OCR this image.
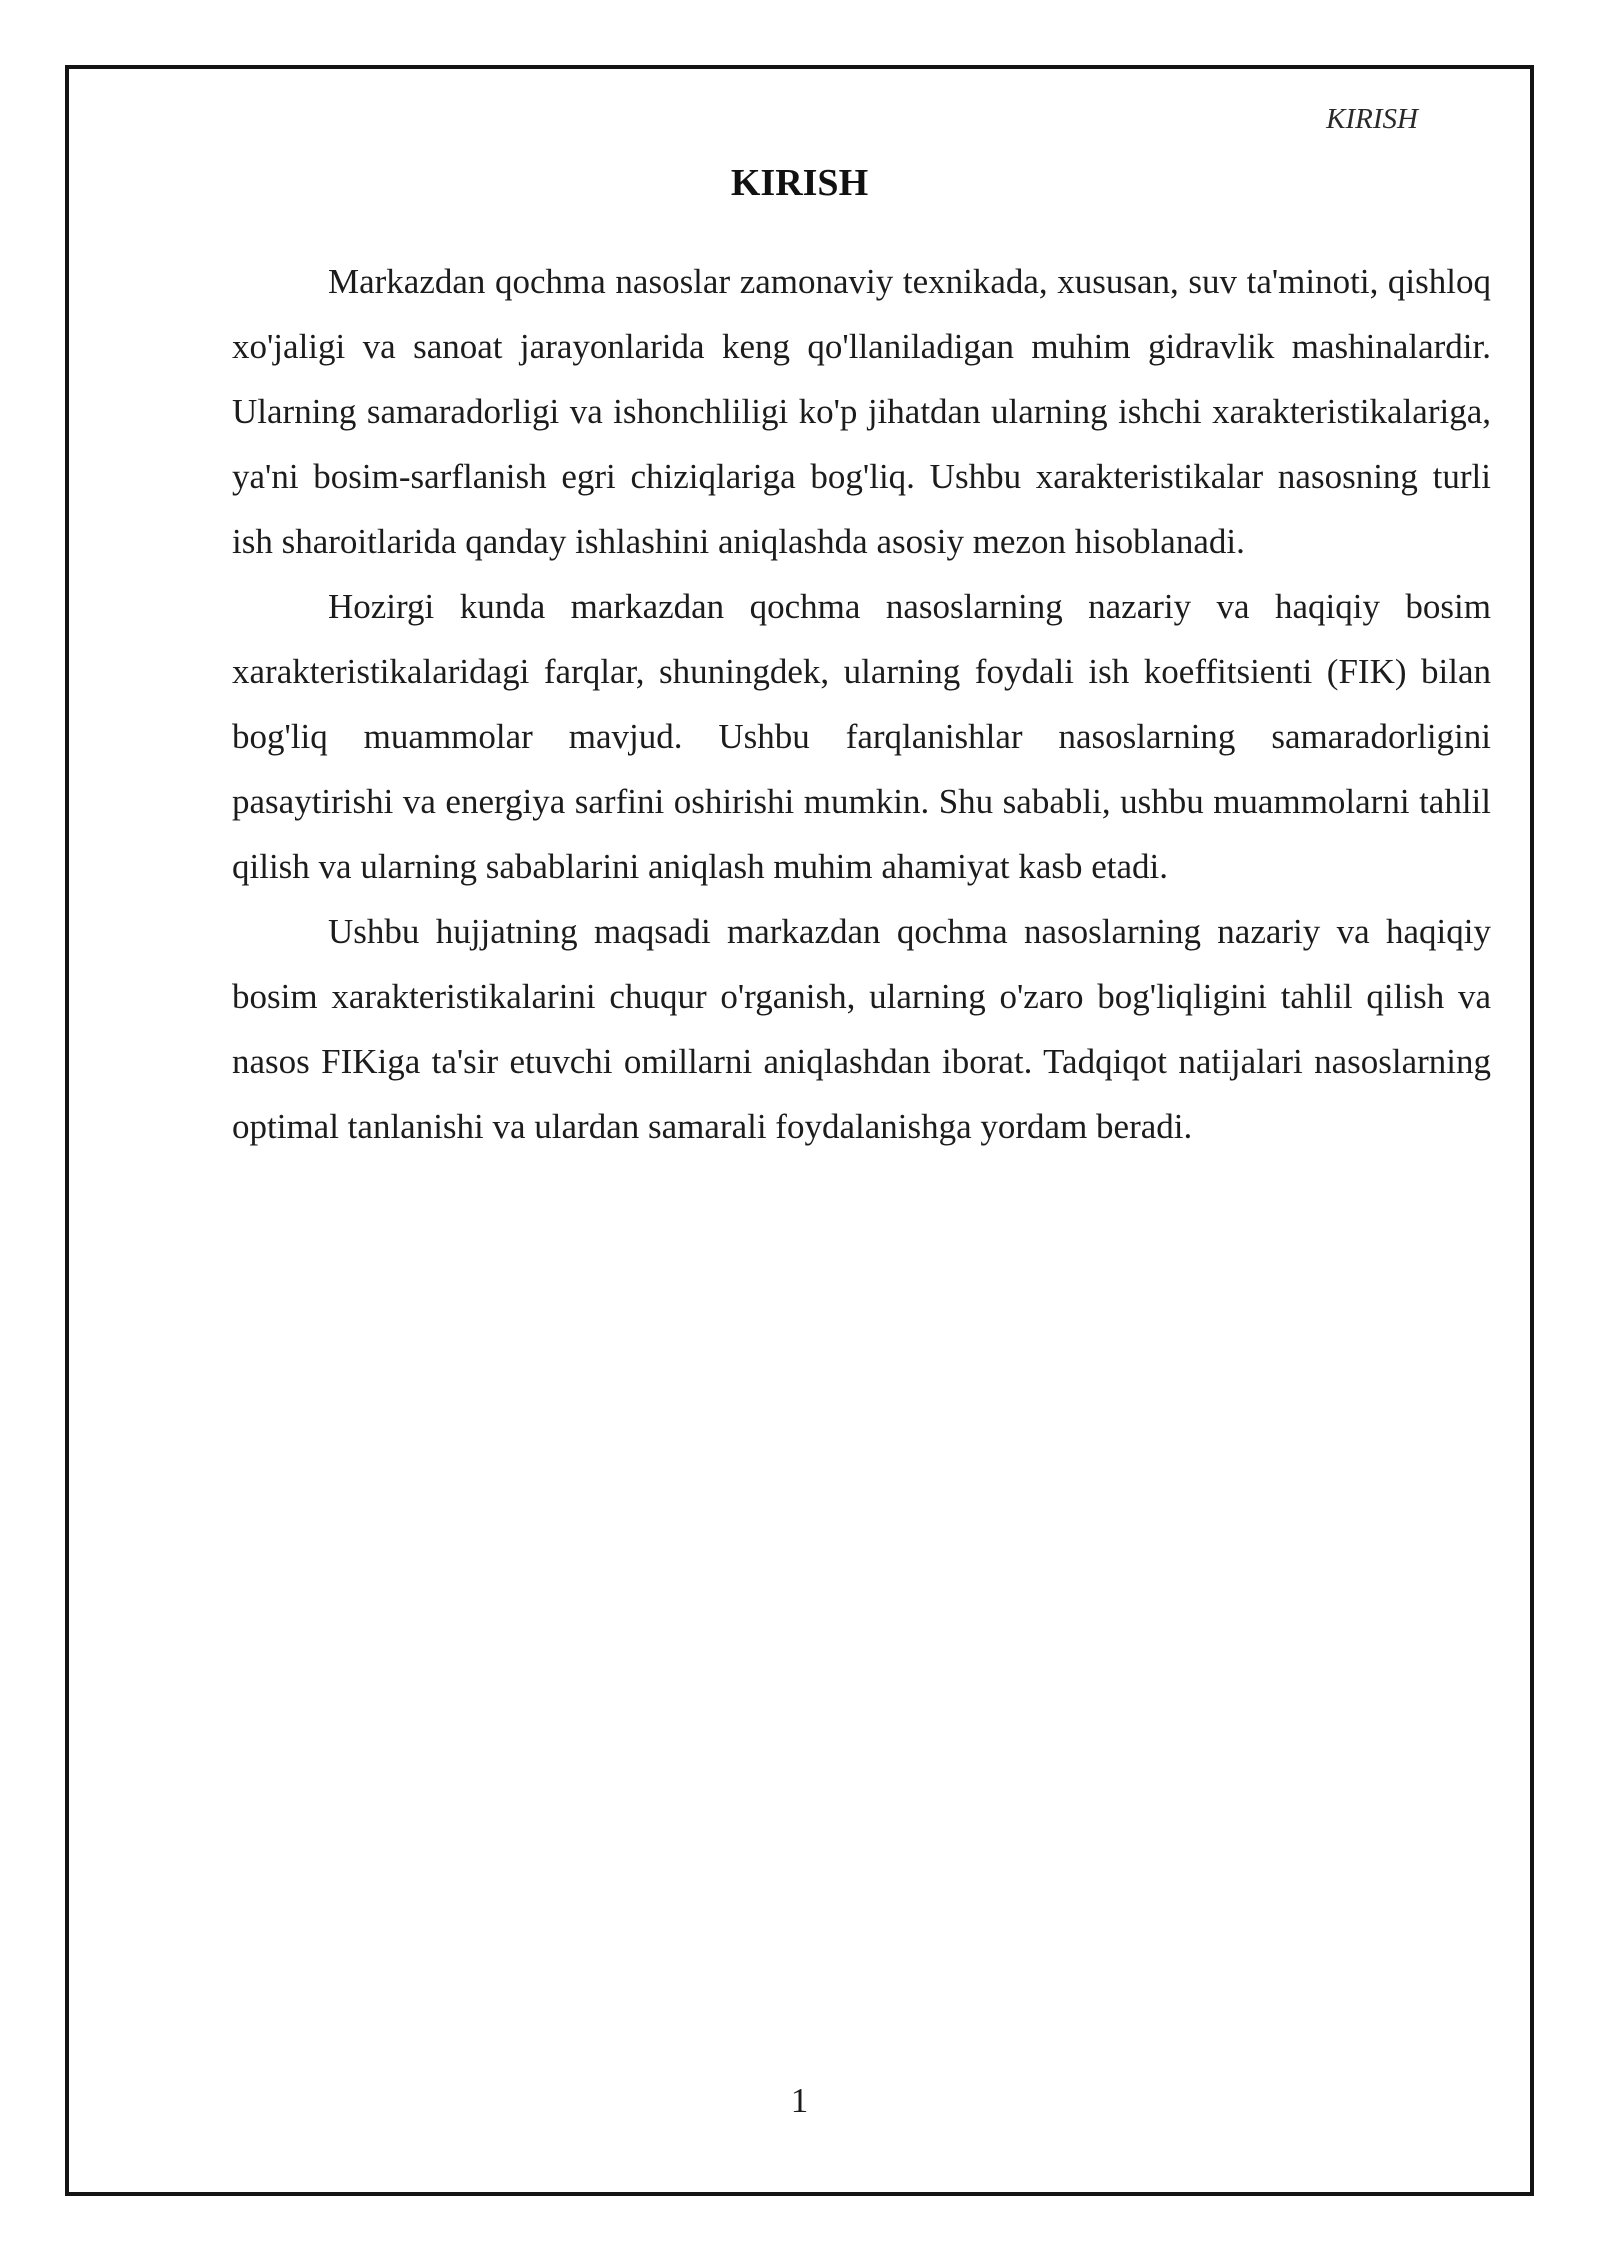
KIRISH
KIRISH

Markazdan qochma nasoslar zamonaviy texnikada, xususan, suv ta'minoti, qishloq xo'jaligi va sanoat jarayonlarida keng qo'llaniladigan muhim gidravlik mashinalardir. Ularning samaradorligi va ishonchliligi ko'p jihatdan ularning ishchi xarakteristikalariga, ya'ni bosim-sarflanish egri chiziqlariga bog'liq. Ushbu xarakteristikalar nasosning turli ish sharoitlarida qanday ishlashini aniqlashda asosiy mezon hisoblanadi.

Hozirgi kunda markazdan qochma nasoslarning nazariy va haqiqiy bosim xarakteristikalaridagi farqlar, shuningdek, ularning foydali ish koeffitsienti (FIK) bilan bog'liq muammolar mavjud. Ushbu farqlanishlar nasoslarning samaradorligini pasaytirishi va energiya sarfini oshirishi mumkin. Shu sababli, ushbu muammolarni tahlil qilish va ularning sabablarini aniqlash muhim ahamiyat kasb etadi.

Ushbu hujjatning maqsadi markazdan qochma nasoslarning nazariy va haqiqiy bosim xarakteristikalarini chuqur o'rganish, ularning o'zaro bog'liqligini tahlil qilish va nasos FIKiga ta'sir etuvchi omillarni aniqlashdan iborat. Tadqiqot natijalari nasoslarning optimal tanlanishi va ulardan samarali foydalanishga yordam beradi.

1
